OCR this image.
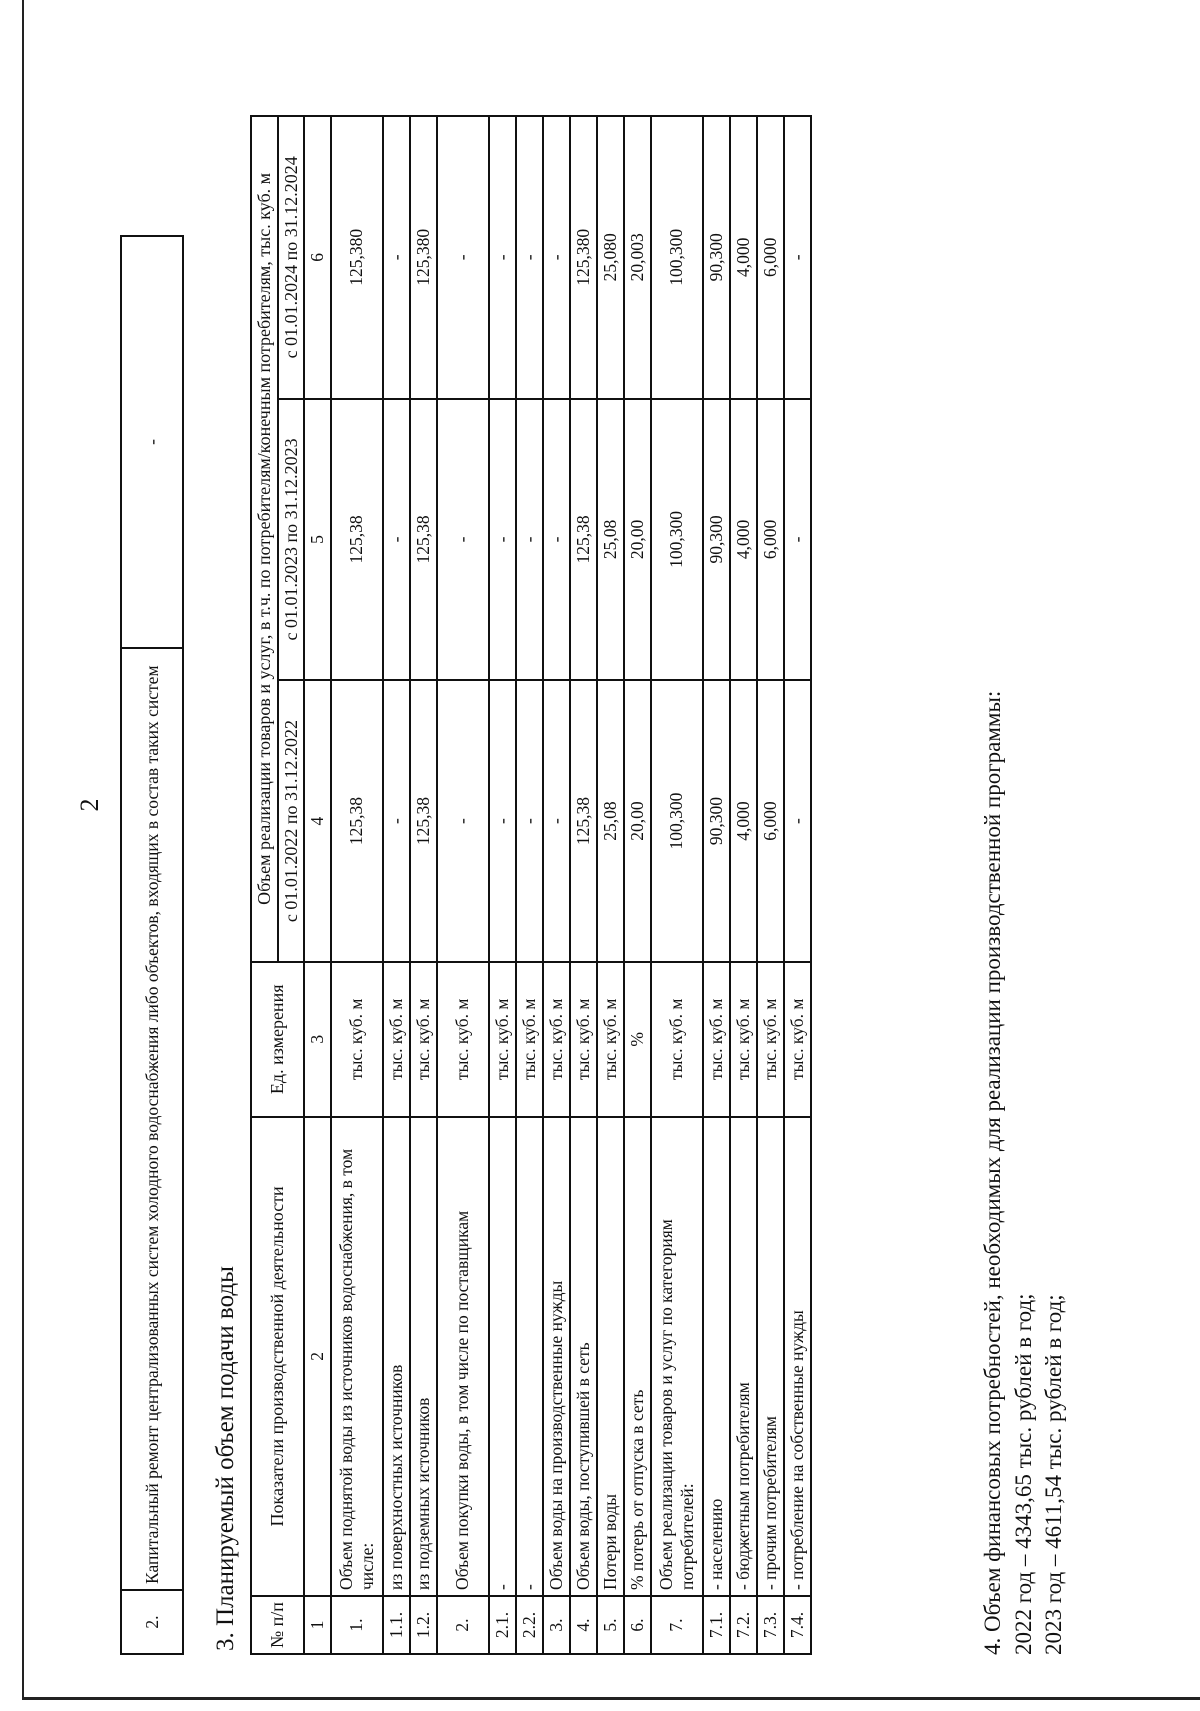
2
2.	Капитальный ремонт централизованных систем холодного водоснабжения либо объектов, входящих в состав таких систем	-
3. Планируемый объем подачи воды № п/п	Показатели производственной деятельности	Ед. измерения	Объем реализации товаров и услуг, в т.ч. по потребителям/конечным потребителям, тыс. куб. м		
			с 01.01.2022 по 31.12.2022	с 01.01.2023 по 31.12.2023	с 01.01.2024 по 31.12.2024
1	2	3	4	5	6
1.	Объем поднятой воды из источников водоснабжения, в том числе:	тыс. куб. м	125,38	125,38	125,380
1.1.	из поверхностных источников	тыс. куб. м	-	-	-
1.2.	из подземных источников	тыс. куб. м	125,38	125,38	125,380
2.	Объем покупки воды, в том числе по поставщикам	тыс. куб. м	-	-	-
2.1.	-	тыс. куб. м	-	-	-
2.2.	-	тыс. куб. м	-	-	-
3.	Объем воды на производственные нужды	тыс. куб. м	-	-	-
4.	Объем воды, поступившей в сеть	тыс. куб. м	125,38	125,38	125,380
5.	Потери воды	тыс. куб. м	25,08	25,08	25,080
6.	% потерь от отпуска в сеть	%	20,00	20,00	20,003
7.	Объем реализации товаров и услуг по категориям потребителей:	тыс. куб. м	100,300	100,300	100,300
7.1.	- населению	тыс. куб. м	90,300	90,300	90,300
7.2.	- бюджетным потребителям	тыс. куб. м	4,000	4,000	4,000
7.3.	- прочим потребителям	тыс. куб. м	6,000	6,000	6,000
7.4.	- потребление на собственные нужды	тыс. куб. м	-	-	-

4. Объем финансовых потребностей, необходимых для реализации производственной программы: 2022 год – 4343,65 тыс. рублей в год; 2023 год – 4611,54 тыс. рублей в год;
